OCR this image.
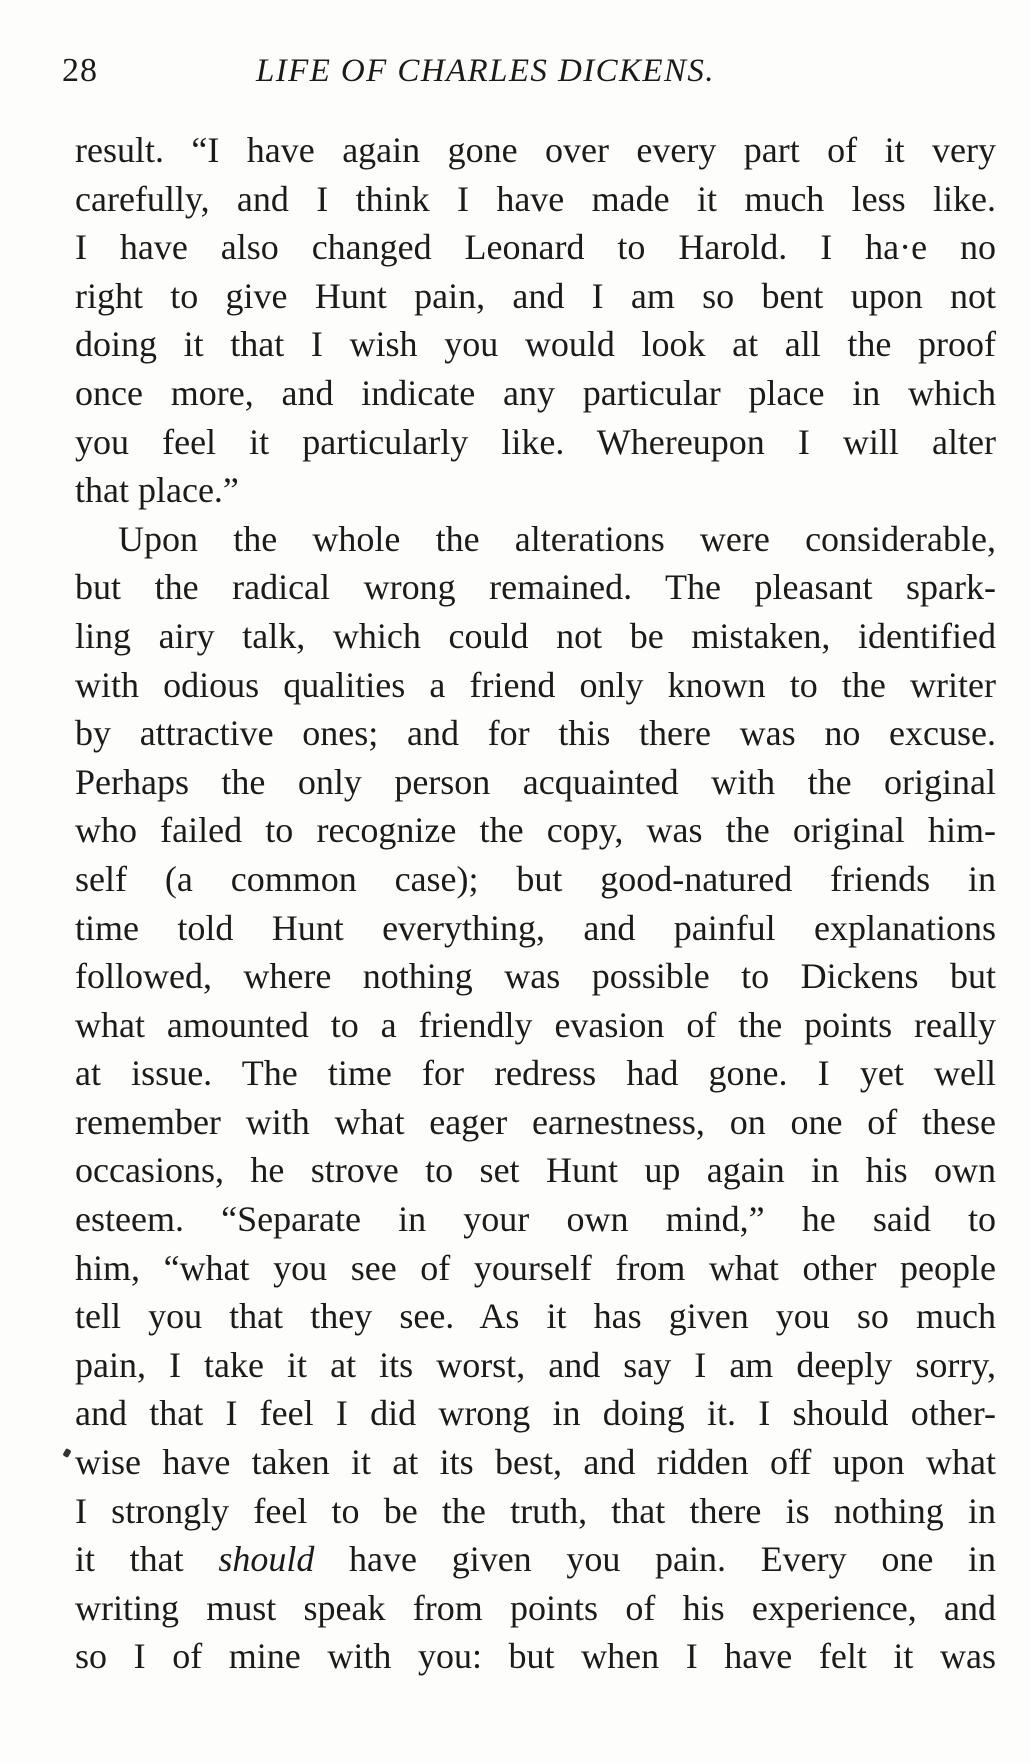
28	LIFE OF CHARLES DICKENS.
result. “I have again gone over every part of it very
carefully, and I think I have made it much less like.
I have also changed Leonard to Harold. I ha·e no
right to give Hunt pain, and I am so bent upon not
doing it that I wish you would look at all the proof
once more, and indicate any particular place in which
you feel it particularly like. Whereupon I will alter
that place.”
Upon the whole the alterations were considerable,
but the radical wrong remained. The pleasant spark-
ling airy talk, which could not be mistaken, identified
with odious qualities a friend only known to the writer
by attractive ones; and for this there was no excuse.
Perhaps the only person acquainted with the original
who failed to recognize the copy, was the original him-
self (a common case); but good-natured friends in
time told Hunt everything, and painful explanations
followed, where nothing was possible to Dickens but
what amounted to a friendly evasion of the points really
at issue. The time for redress had gone. I yet well
remember with what eager earnestness, on one of these
occasions, he strove to set Hunt up again in his own
esteem. “Separate in your own mind,” he said to
him, “what you see of yourself from what other people
tell you that they see. As it has given you so much
pain, I take it at its worst, and say I am deeply sorry,
and that I feel I did wrong in doing it. I should other-
wise have taken it at its best, and ridden off upon what
I strongly feel to be the truth, that there is nothing in
it that should have given you pain. Every one in
writing must speak from points of his experience, and
so I of mine with you: but when I have felt it was
